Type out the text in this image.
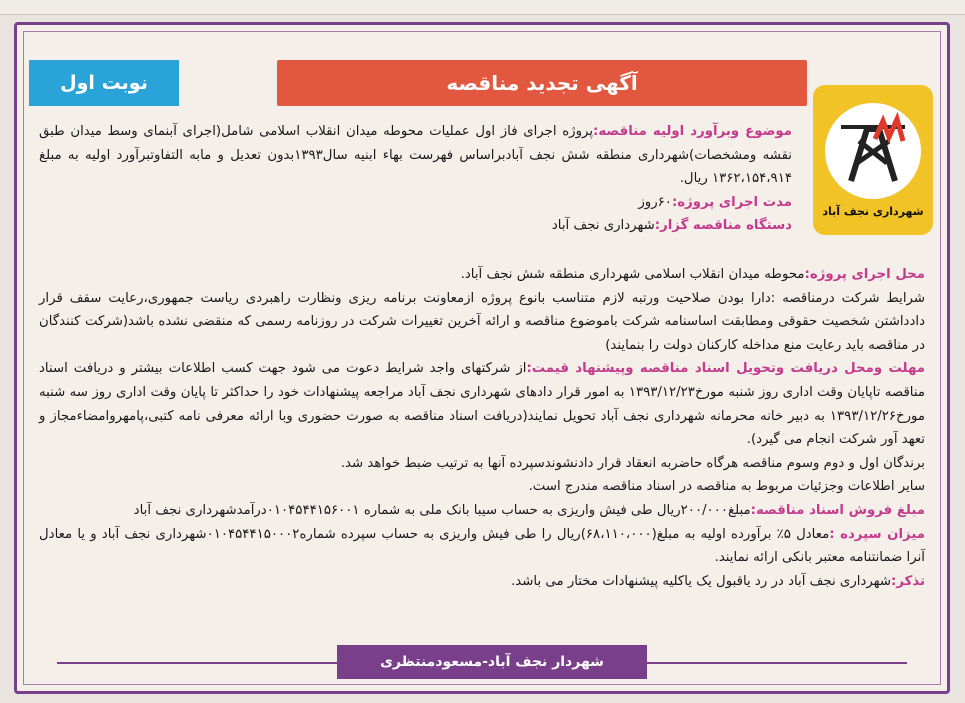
نوبت اول	آگهی تجدید مناقصه
شهرداری نجف آباد

موضوع وبرآورد اولیه مناقصه:پروژه اجرای فاز اول عملیات محوطه میدان انقلاب اسلامی شامل(اجرای آبنمای وسط میدان طبق نقشه ومشخصات)شهرداری منطقه شش نجف آبادبراساس فهرست بهاء ابنیه سال۱۳۹۳بدون تعدیل و مابه التفاوتبرآورد اولیه به مبلغ ۱۳۶۲،۱۵۴،۹۱۴ ریال.

مدت اجرای پروژه:۶۰روز

دستگاه مناقصه گزار:شهرداری نجف آباد

محل اجرای پروژه:محوطه میدان انقلاب اسلامی شهرداری منطقه شش نجف آباد.

شرایط شرکت درمناقصه :دارا بودن صلاحیت ورتبه لازم متناسب بانوع پروژه ازمعاونت برنامه ریزی ونظارت راهبردی ریاست جمهوری،رعایت سقف قرار دادداشتن شخصیت حقوقی ومطابقت اساسنامه شرکت باموضوع مناقصه و ارائه آخرین تغییرات شرکت در روزنامه رسمی که منقضی نشده باشد(شرکت کنندگان در مناقصه باید رعایت منع مداخله کارکنان دولت را بنمایند)

مهلت ومحل دریافت وتحویل اسناد مناقصه وپیشنهاد قیمت:از شرکتهای واجد شرایط دعوت می شود جهت کسب اطلاعات بیشتر و دریافت اسناد مناقصه تاپایان وقت اداری روز شنبه مورخ۱۳۹۳/۱۲/۲۳ به امور قرار دادهای شهرداری نجف آباد مراجعه پیشنهادات خود را حداکثر تا پایان وقت اداری روز سه شنبه مورخ۱۳۹۳/۱۲/۲۶ به دبیر خانه محرمانه شهرداری نجف آباد تحویل نمایند(دریافت اسناد مناقصه به صورت حضوری وبا ارائه معرفی نامه کتبی،پامهروامضاءمجاز و تعهد آور شرکت انجام می گیرد).

برندگان اول و دوم وسوم مناقصه هرگاه حاضربه انعقاد قرار دادنشوندسپرده آنها به ترتیب ضبط خواهد شد.

سایر اطلاعات وجزئیات مربوط به مناقصه در اسناد مناقصه مندرج است.

مبلغ فروش اسناد مناقصه:مبلغ۲۰۰/۰۰۰ریال طی فیش واریزی به حساب سیبا بانک ملی به شماره ۰۱۰۴۵۴۴۱۵۶۰۰۱درآمدشهرداری نجف آباد

میزان سپرده :معادل ۵٪ برآورده اولیه به مبلغ(۶۸،۱۱۰،۰۰۰)ریال را طی فیش واریزی به حساب سپرده شماره۰۱۰۴۵۴۴۱۵۰۰۰۲شهرداری نجف آباد و یا معادل آنرا ضمانتنامه معتبر بانکی ارائه نمایند.

تذکر:شهرداری نجف آباد در رد یاقبول یک یاکلیه پیشنهادات مختار می باشد.

شهردار نجف آباد-مسعودمنتظری
